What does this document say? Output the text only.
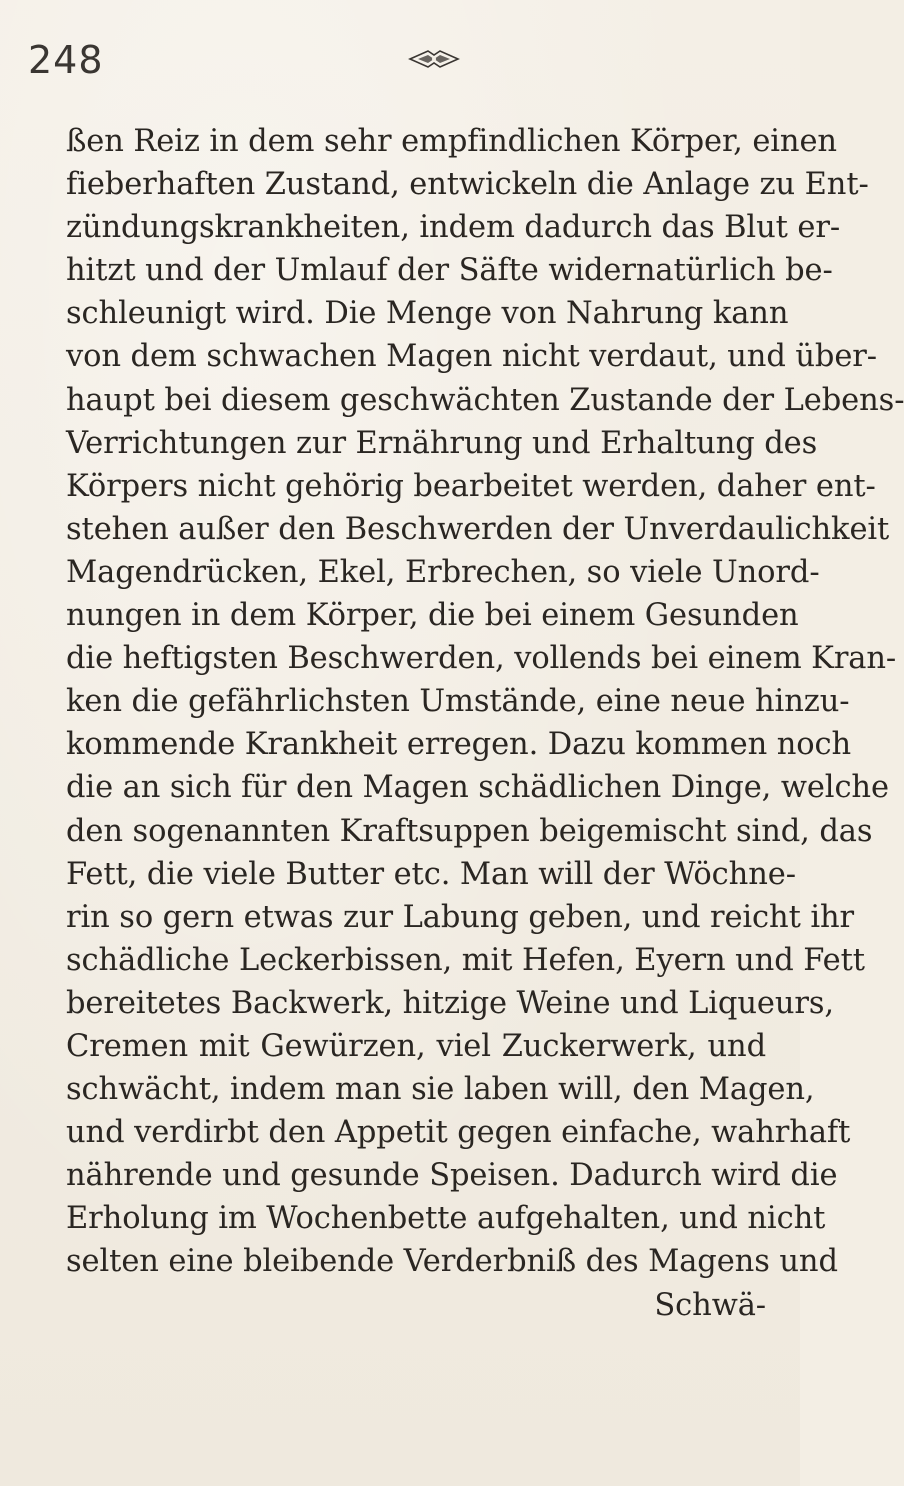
248
ßen Reiz in dem sehr empfindlichen Körper, einen
fieberhaften Zustand, entwickeln die Anlage zu Ent-
zündungskrankheiten, indem dadurch das Blut er-
hitzt und der Umlauf der Säfte widernatürlich be-
schleunigt wird. Die Menge von Nahrung kann
von dem schwachen Magen nicht verdaut, und über-
haupt bei diesem geschwächten Zustande der Lebens-
Verrichtungen zur Ernährung und Erhaltung des
Körpers nicht gehörig bearbeitet werden, daher ent-
stehen außer den Beschwerden der Unverdaulichkeit
Magendrücken, Ekel, Erbrechen, so viele Unord-
nungen in dem Körper, die bei einem Gesunden
die heftigsten Beschwerden, vollends bei einem Kran-
ken die gefährlichsten Umstände, eine neue hinzu-
kommende Krankheit erregen. Dazu kommen noch
die an sich für den Magen schädlichen Dinge, welche
den sogenannten Kraftsuppen beigemischt sind, das
Fett, die viele Butter etc. Man will der Wöchne-
rin so gern etwas zur Labung geben, und reicht ihr
schädliche Leckerbissen, mit Hefen, Eyern und Fett
bereitetes Backwerk, hitzige Weine und Liqueurs,
Cremen mit Gewürzen, viel Zuckerwerk, und
schwächt, indem man sie laben will, den Magen,
und verdirbt den Appetit gegen einfache, wahrhaft
nährende und gesunde Speisen. Dadurch wird die
Erholung im Wochenbette aufgehalten, und nicht
selten eine bleibende Verderbniß des Magens und
Schwä-
